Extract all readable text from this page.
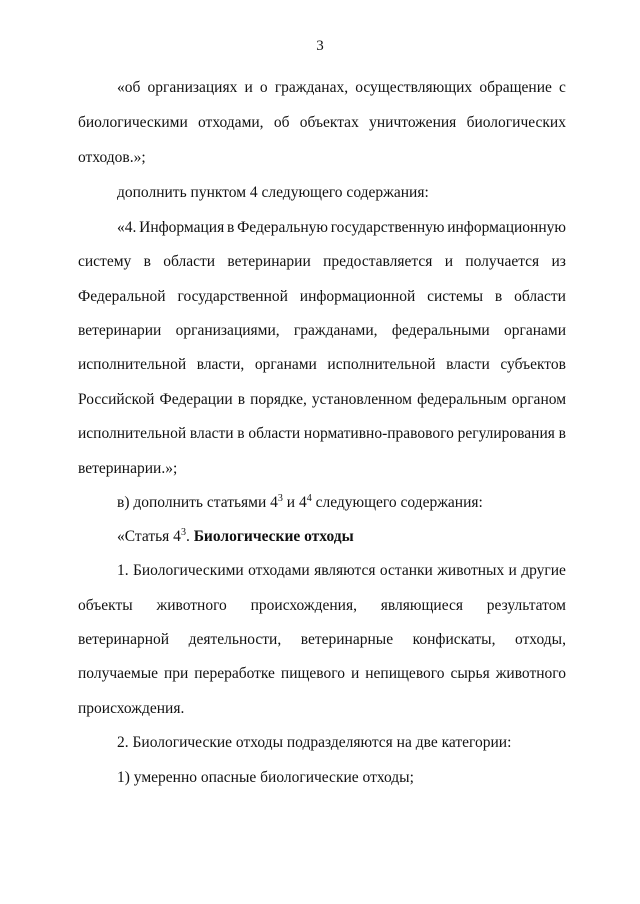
3
«об организациях и о гражданах, осуществляющих обращение с
биологическими отходами, об объектах уничтожения биологических
отходов.»;
дополнить пунктом 4 следующего содержания:
«4. Информация в Федеральную государственную информационную
систему в области ветеринарии предоставляется и получается из
Федеральной государственной информационной системы в области
ветеринарии организациями, гражданами, федеральными органами
исполнительной власти, органами исполнительной власти субъектов
Российской Федерации в порядке, установленном федеральным органом
исполнительной власти в области нормативно-правового регулирования в
ветеринарии.»;
в) дополнить статьями $4^3$ и $4^4$ следующего содержания:
«Статья $4^3$. Биологические отходы
1. Биологическими отходами являются останки животных и другие
объекты животного происхождения, являющиеся результатом
ветеринарной деятельности, ветеринарные конфискаты, отходы,
получаемые при переработке пищевого и непищевого сырья животного
происхождения.
2. Биологические отходы подразделяются на две категории:
1) умеренно опасные биологические отходы;
